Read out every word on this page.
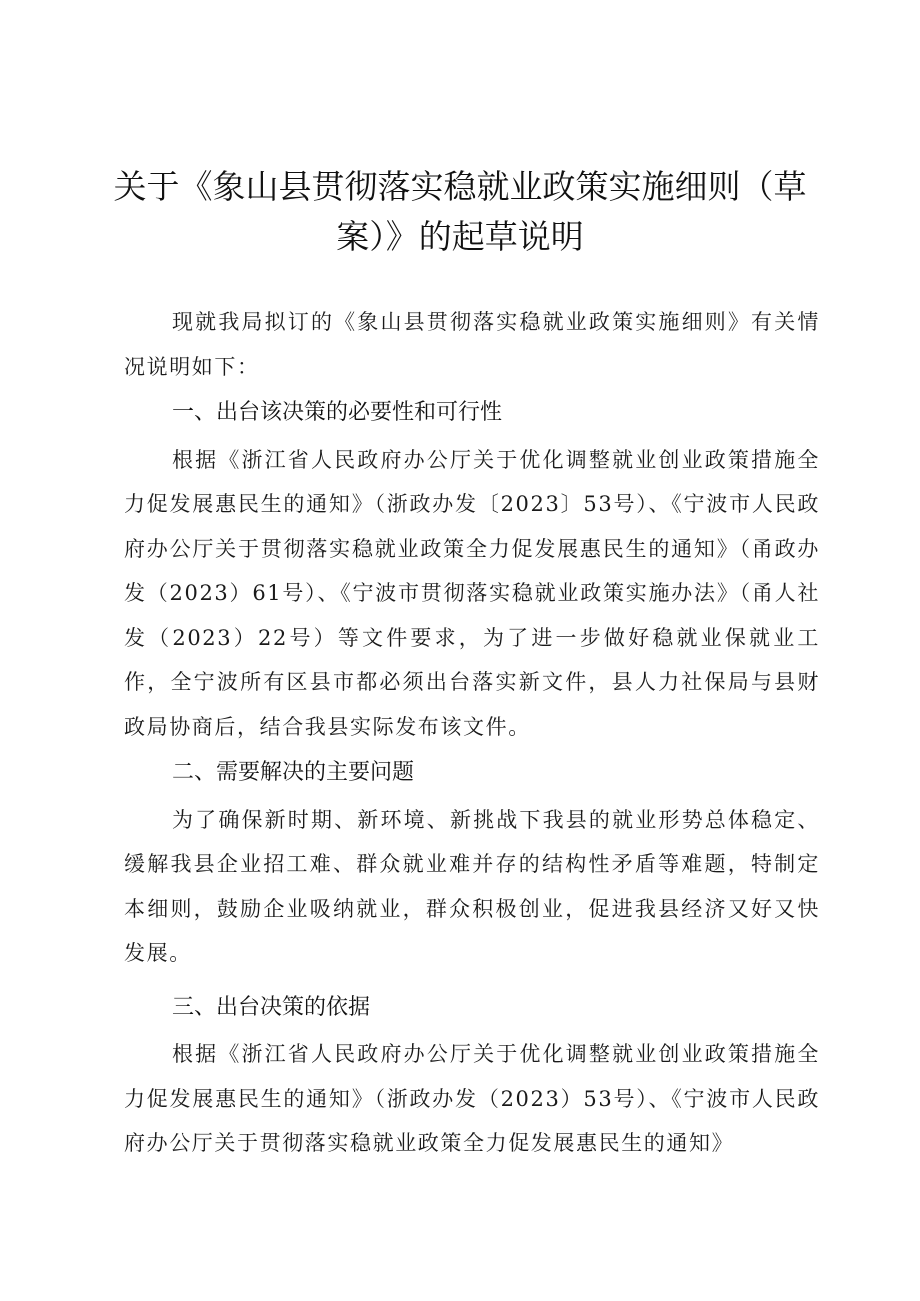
关于《象山县贯彻落实稳就业政策实施细则（草
案）》的起草说明

现就我局拟订的《象山县贯彻落实稳就业政策实施细则》有关情况说明如下：

一、出台该决策的必要性和可行性

根据《浙江省人民政府办公厅关于优化调整就业创业政策措施全力促发展惠民生的通知》（浙政办发〔2023〕53号）、《宁波市人民政府办公厅关于贯彻落实稳就业政策全力促发展惠民生的通知》（甬政办发（2023）61号）、《宁波市贯彻落实稳就业政策实施办法》（甬人社发（2023）22号）等文件要求，为了进一步做好稳就业保就业工作，全宁波所有区县市都必须出台落实新文件，县人力社保局与县财政局协商后，结合我县实际发布该文件。

二、需要解决的主要问题

为了确保新时期、新环境、新挑战下我县的就业形势总体稳定、缓解我县企业招工难、群众就业难并存的结构性矛盾等难题，特制定本细则，鼓励企业吸纳就业，群众积极创业，促进我县经济又好又快发展。

三、出台决策的依据

根据《浙江省人民政府办公厅关于优化调整就业创业政策措施全力促发展惠民生的通知》（浙政办发（2023）53号）、《宁波市人民政府办公厅关于贯彻落实稳就业政策全力促发展惠民生的通知》
